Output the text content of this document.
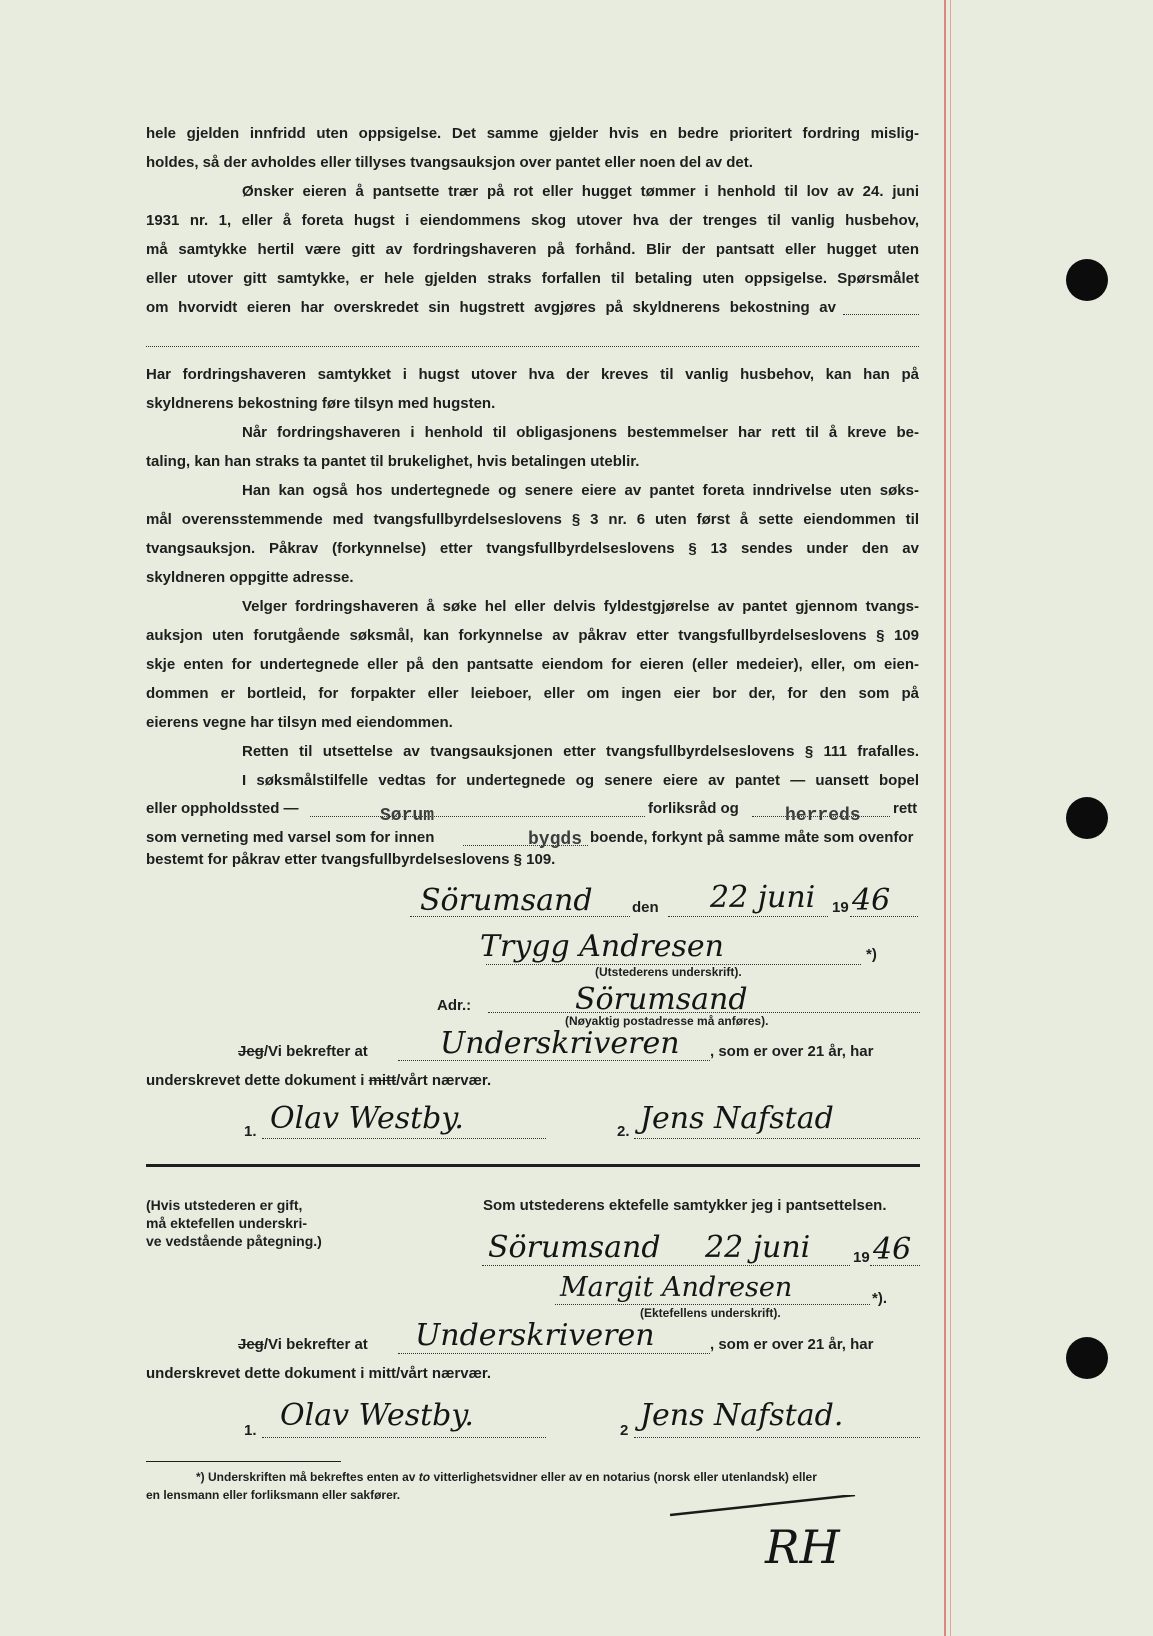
hele gjelden innfridd uten oppsigelse. Det samme gjelder hvis en bedre prioritert fordring mislig-
holdes, så der avholdes eller tillyses tvangsauksjon over pantet eller noen del av det.
Ønsker eieren å pantsette trær på rot eller hugget tømmer i henhold til lov av 24. juni
1931 nr. 1, eller å foreta hugst i eiendommens skog utover hva der trenges til vanlig husbehov,
må samtykke hertil være gitt av fordringshaveren på forhånd. Blir der pantsatt eller hugget uten
eller utover gitt samtykke, er hele gjelden straks forfallen til betaling uten oppsigelse. Spørsmålet
om hvorvidt eieren har overskredet sin hugstrett avgjøres på skyldnerens bekostning av
Har fordringshaveren samtykket i hugst utover hva der kreves til vanlig husbehov, kan han på
skyldnerens bekostning føre tilsyn med hugsten.
Når fordringshaveren i henhold til obligasjonens bestemmelser har rett til å kreve be-
taling, kan han straks ta pantet til brukelighet, hvis betalingen uteblir.
Han kan også hos undertegnede og senere eiere av pantet foreta inndrivelse uten søks-
mål overensstemmende med tvangsfullbyrdelseslovens § 3 nr. 6 uten først å sette eiendommen til
tvangsauksjon. Påkrav (forkynnelse) etter tvangsfullbyrdelseslovens § 13 sendes under den av
skyldneren oppgitte adresse.
Velger fordringshaveren å søke hel eller delvis fyldestgjørelse av pantet gjennom tvangs-
auksjon uten forutgående søksmål, kan forkynnelse av påkrav etter tvangsfullbyrdelseslovens § 109
skje enten for undertegnede eller på den pantsatte eiendom for eieren (eller medeier), eller, om eien-
dommen er bortleid, for forpakter eller leieboer, eller om ingen eier bor der, for den som på
eierens vegne har tilsyn med eiendommen.
Retten til utsettelse av tvangsauksjonen etter tvangsfullbyrdelseslovens § 111 frafalles.
I søksmålstilfelle vedtas for undertegnede og senere eiere av pantet — uansett bopel
eller oppholdssted —	forliksråd og	rett
Sørum	herreds
som verneting med varsel som for innen	boende, forkynt på samme måte som ovenfor
bygds
bestemt for påkrav etter tvangsfullbyrdelseslovens § 109.
Sörumsand	den 22 juni 19 46
Trygg Andresen	*)
(Utstederens underskrift).
Adr.:	Sörumsand
(Nøyaktig postadresse må anføres).
Jeg/Vi bekrefter at Underskriveren , som er over 21 år, har
underskrevet dette dokument i mitt/vårt nærvær.
1. Olav Westby.	2. Jens Nafstad
(Hvis utstederen er gift,
må ektefellen underskri-
ve vedstående påtegning.)
Som utstederens ektefelle samtykker jeg i pantsettelsen.
Sörumsand 22 juni	19 46
Margit Andresen	*).
(Ektefellens underskrift).
Jeg/Vi bekrefter at Underskriveren	, som er over 21 år, har
underskrevet dette dokument i mitt/vårt nærvær.
1. Olav Westby.	2 Jens Nafstad.
*) Underskriften må bekreftes enten av to vitterlighetsvidner eller av en notarius (norsk eller utenlandsk) eller
en lensmann eller forliksmann eller sakfører.
RH
